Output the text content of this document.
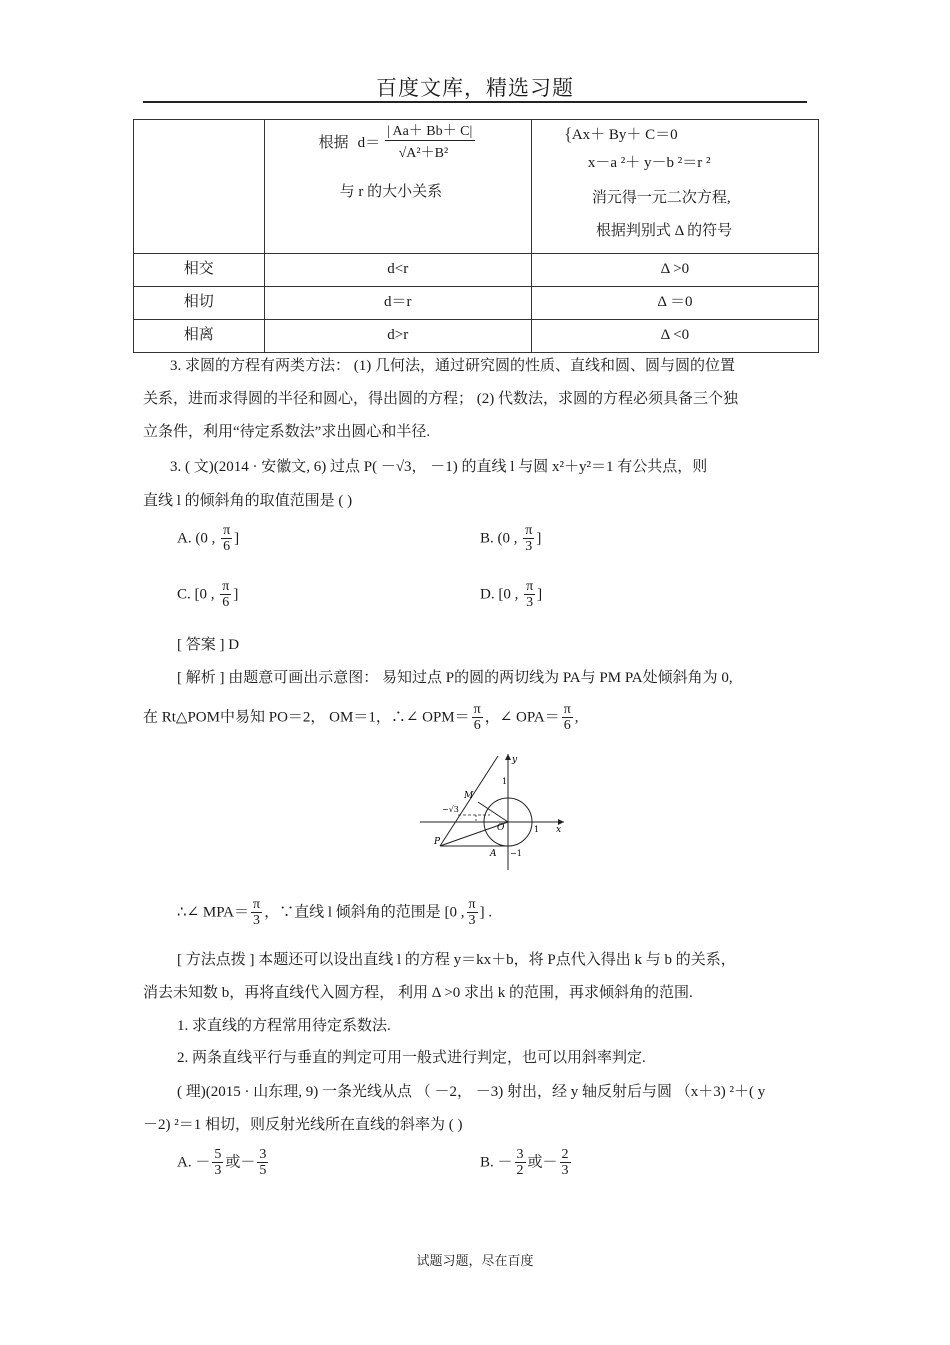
百度文库，精选习题

	根据 d＝
| Aa＋ Bb＋ C|
√A²＋B²
与 r 的大小关系	{ Ax＋ By＋ C＝0
x－a ²＋ y－b ²＝r ²
消元得一元二次方程,
根据判别式 Δ 的符号

相交	d<r	Δ >0
相切	d＝r	Δ ＝0
相离	d>r	Δ <0
3. 求圆的方程有两类方法： (1) 几何法，通过研究圆的性质、直线和圆、圆与圆的位置
关系，进而求得圆的半径和圆心，得出圆的方程； (2) 代数法，求圆的方程必须具备三个独
立条件，利用“待定系数法”求出圆心和半径.
3. ( 文)(2014 · 安徽文, 6) 过点 P( －√3， －1) 的直线 l 与圆 x²＋y²＝1 有公共点，则
直线 l 的倾斜角的取值范围是 ( )
A. (0 , $\frac{\pi}{6}$ ]	B. (0 , $\frac{\pi}{3}$ ]
C. [0 , $\frac{\pi}{6}$ ]	D. [0 , $\frac{\pi}{3}$ ]
[ 答案 ] D
[ 解析 ] 由题意可画出示意图： 易知过点 P的圆的两切线为 PA与 PM PA处倾斜角为 0,
在 Rt△POM中易知 PO＝2， OM＝1，∴∠ $OPM= \frac{\pi}{6}$ ，∠ $OPA= \frac{\pi}{6}$ ,
y
x
M
−√3
O
1
1
P
A −1
∴∠ $MPA= \frac{\pi}{3}$ ，∵直线 l 倾斜角的范围是 [0 , $\frac{\pi}{3}$ ] .
[ 方法点拨 ] 本题还可以设出直线 l 的方程 y＝kx＋b，将 P点代入得出 k 与 b 的关系，
消去未知数 b，再将直线代入圆方程， 利用 Δ >0 求出 k 的范围，再求倾斜角的范围.
1. 求直线的方程常用待定系数法.
2. 两条直线平行与垂直的判定可用一般式进行判定，也可以用斜率判定.
( 理)(2015 · 山东理, 9) 一条光线从点 （ －2， －3) 射出，经 y 轴反射后与圆 （x＋3) ²＋( y
－2) ²＝1 相切，则反射光线所在直线的斜率为 ( )
A. － $\frac{5}{3}$ 或－ $\frac{3}{5}$	B. － $\frac{3}{2}$ 或－ $\frac{2}{3}$
试题习题，尽在百度
